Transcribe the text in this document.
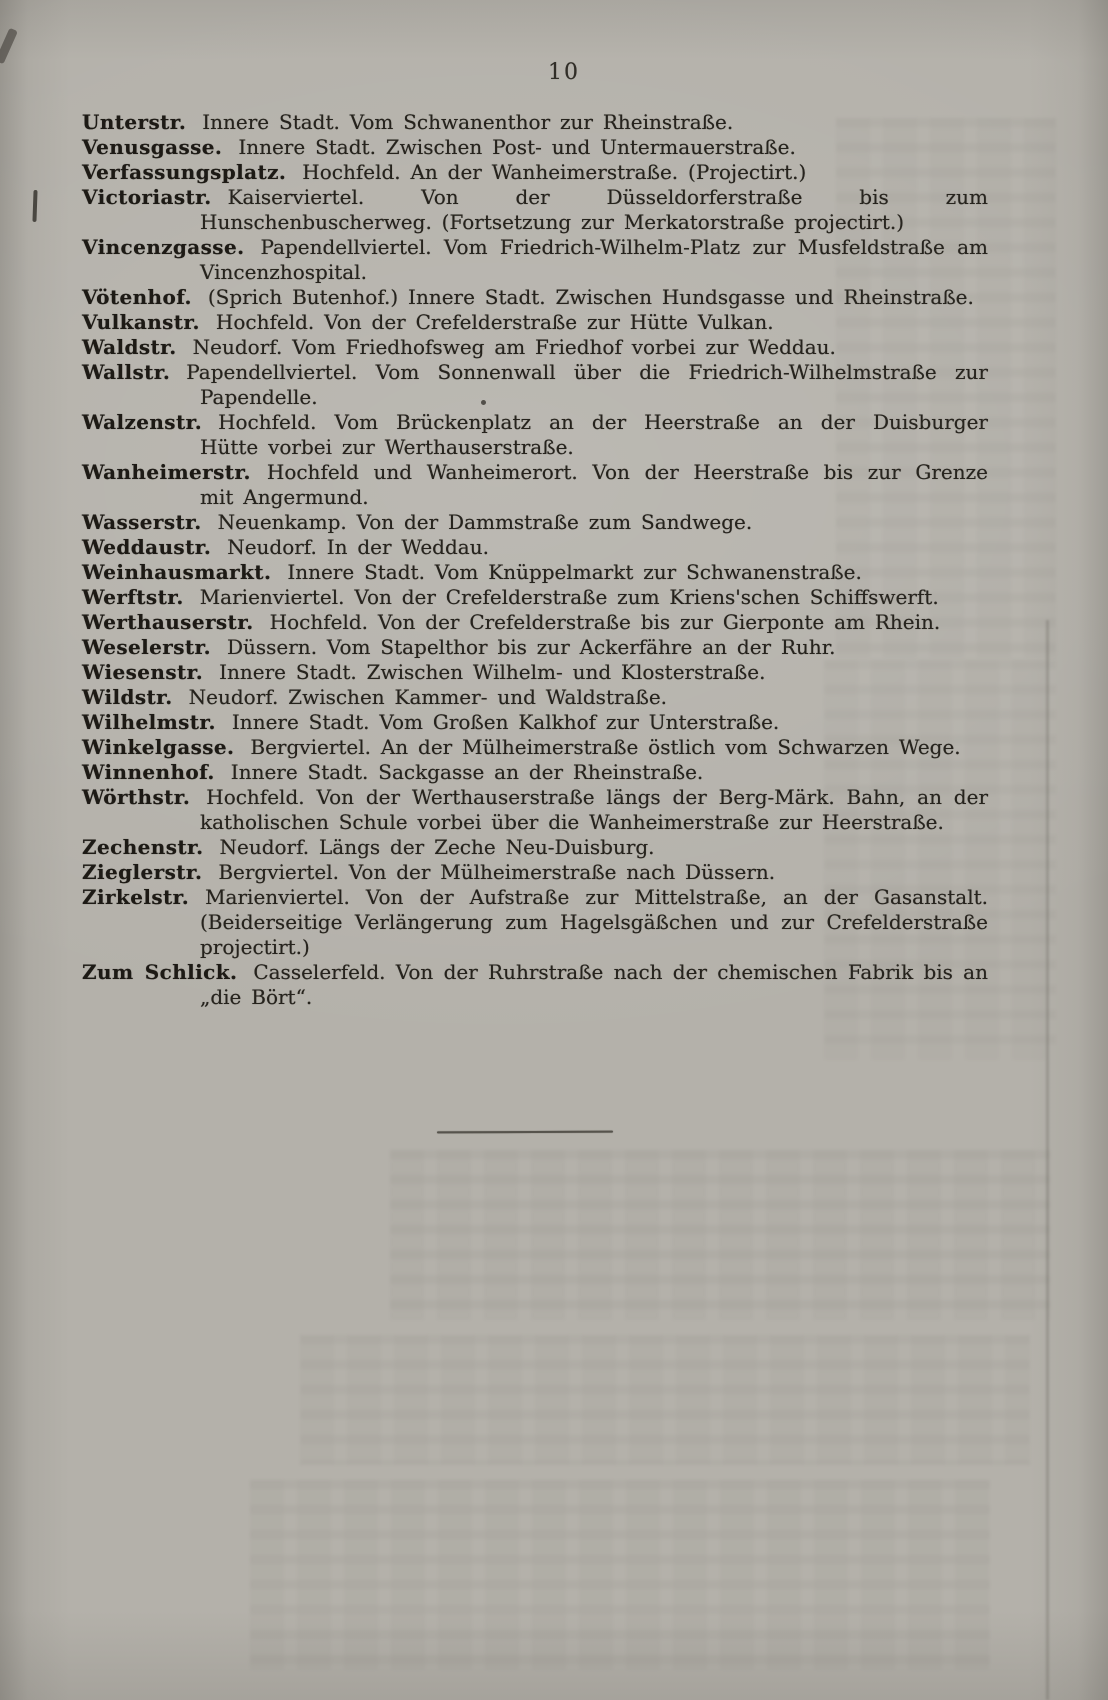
10

Unterstr. Innere Stadt. Vom Schwanenthor zur Rheinstraße.

Venusgasse. Innere Stadt. Zwischen Post- und Untermauerstraße.

Verfassungsplatz. Hochfeld. An der Wanheimerstraße. (Projectirt.)

Victoriastr. Kaiserviertel. Von der Düsseldorferstraße bis zum Hunschenbuscherweg. (Fortsetzung zur Merkatorstraße projectirt.)

Vincenzgasse. Papendellviertel. Vom Friedrich-Wilhelm-Platz zur Musfeldstraße am Vincenzhospital.

Vötenhof. (Sprich Butenhof.) Innere Stadt. Zwischen Hundsgasse und Rheinstraße.

Vulkanstr. Hochfeld. Von der Crefelderstraße zur Hütte Vulkan.

Waldstr. Neudorf. Vom Friedhofsweg am Friedhof vorbei zur Weddau.

Wallstr. Papendellviertel. Vom Sonnenwall über die Friedrich-Wilhelmstraße zur Papendelle.

Walzenstr. Hochfeld. Vom Brückenplatz an der Heerstraße an der Duisburger Hütte vorbei zur Werthauserstraße.

Wanheimerstr. Hochfeld und Wanheimerort. Von der Heerstraße bis zur Grenze mit Angermund.

Wasserstr. Neuenkamp. Von der Dammstraße zum Sandwege.

Weddaustr. Neudorf. In der Weddau.

Weinhausmarkt. Innere Stadt. Vom Knüppelmarkt zur Schwanenstraße.

Werftstr. Marienviertel. Von der Crefelderstraße zum Kriens'schen Schiffswerft.

Werthauserstr. Hochfeld. Von der Crefelderstraße bis zur Gierponte am Rhein.

Weselerstr. Düssern. Vom Stapelthor bis zur Ackerfähre an der Ruhr.

Wiesenstr. Innere Stadt. Zwischen Wilhelm- und Klosterstraße.

Wildstr. Neudorf. Zwischen Kammer- und Waldstraße.

Wilhelmstr. Innere Stadt. Vom Großen Kalkhof zur Unterstraße.

Winkelgasse. Bergviertel. An der Mülheimerstraße östlich vom Schwarzen Wege.

Winnenhof. Innere Stadt. Sackgasse an der Rheinstraße.

Wörthstr. Hochfeld. Von der Werthauserstraße längs der Berg-Märk. Bahn, an der katholischen Schule vorbei über die Wanheimerstraße zur Heerstraße.

Zechenstr. Neudorf. Längs der Zeche Neu-Duisburg.

Zieglerstr. Bergviertel. Von der Mülheimerstraße nach Düssern.

Zirkelstr. Marienviertel. Von der Aufstraße zur Mittelstraße, an der Gasanstalt. (Beiderseitige Verlängerung zum Hagelsgäßchen und zur Crefelderstraße projectirt.)

Zum Schlick. Casselerfeld. Von der Ruhrstraße nach der chemischen Fabrik bis an „die Bört“.
